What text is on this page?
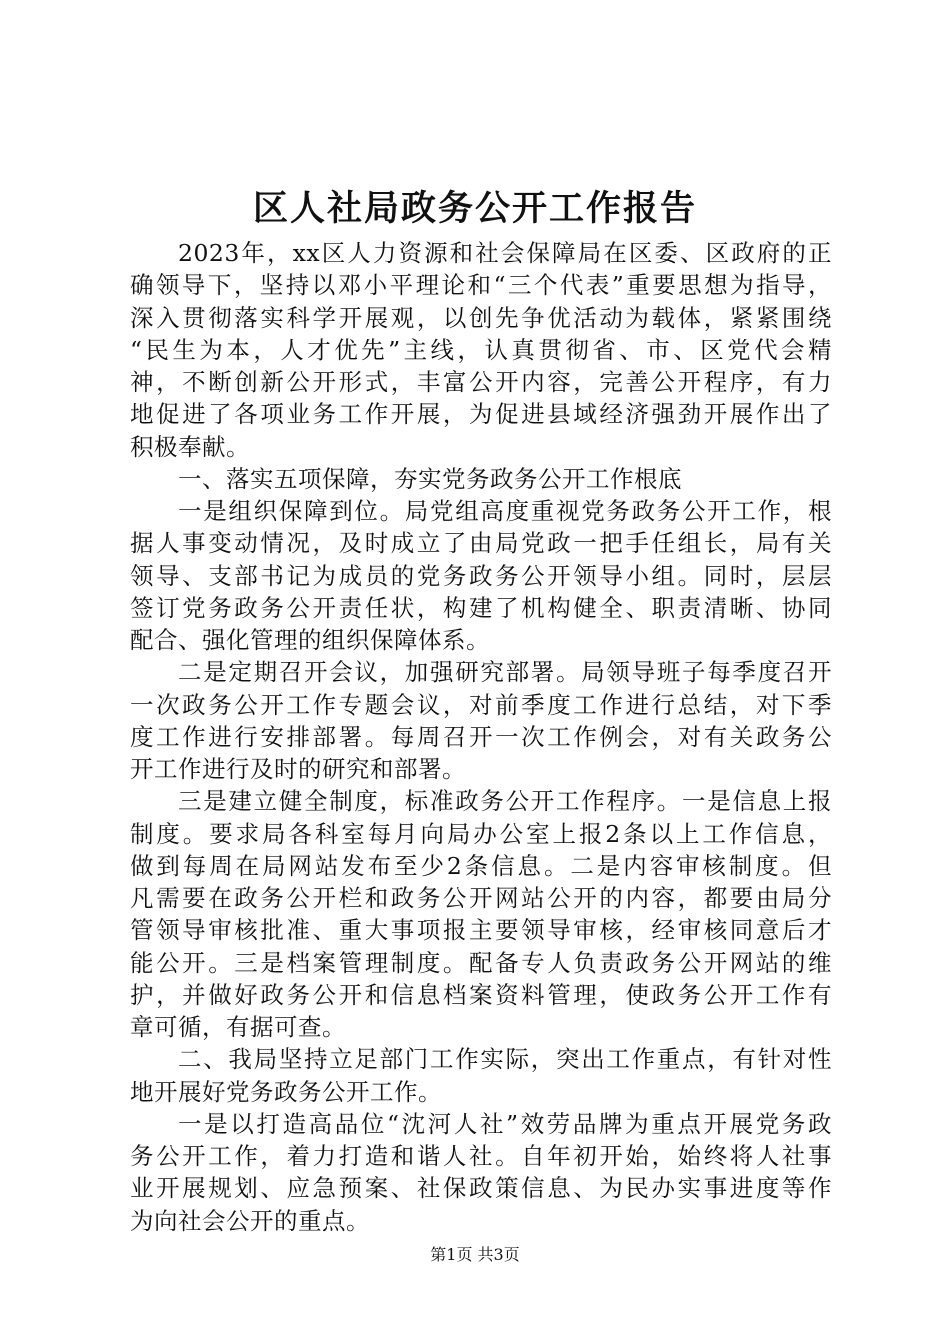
区人社局政务公开工作报告
2023年，xx区人力资源和社会保障局在区委、区政府的正
确领导下，坚持以邓小平理论和“三个代表”重要思想为指导，
深入贯彻落实科学开展观，以创先争优活动为载体，紧紧围绕
“民生为本，人才优先”主线，认真贯彻省、市、区党代会精
神，不断创新公开形式，丰富公开内容，完善公开程序，有力
地促进了各项业务工作开展，为促进县域经济强劲开展作出了
积极奉献。
一、落实五项保障，夯实党务政务公开工作根底
一是组织保障到位。局党组高度重视党务政务公开工作，根
据人事变动情况，及时成立了由局党政一把手任组长，局有关
领导、支部书记为成员的党务政务公开领导小组。同时，层层
签订党务政务公开责任状，构建了机构健全、职责清晰、协同
配合、强化管理的组织保障体系。
二是定期召开会议，加强研究部署。局领导班子每季度召开
一次政务公开工作专题会议，对前季度工作进行总结，对下季
度工作进行安排部署。每周召开一次工作例会，对有关政务公
开工作进行及时的研究和部署。
三是建立健全制度，标准政务公开工作程序。一是信息上报
制度。要求局各科室每月向局办公室上报2条以上工作信息，
做到每周在局网站发布至少2条信息。二是内容审核制度。但
凡需要在政务公开栏和政务公开网站公开的内容，都要由局分
管领导审核批准、重大事项报主要领导审核，经审核同意后才
能公开。三是档案管理制度。配备专人负责政务公开网站的维
护，并做好政务公开和信息档案资料管理，使政务公开工作有
章可循，有据可查。
二、我局坚持立足部门工作实际，突出工作重点，有针对性
地开展好党务政务公开工作。
一是以打造高品位“沈河人社”效劳品牌为重点开展党务政
务公开工作，着力打造和谐人社。自年初开始，始终将人社事
业开展规划、应急预案、社保政策信息、为民办实事进度等作
为向社会公开的重点。
第1页 共3页
